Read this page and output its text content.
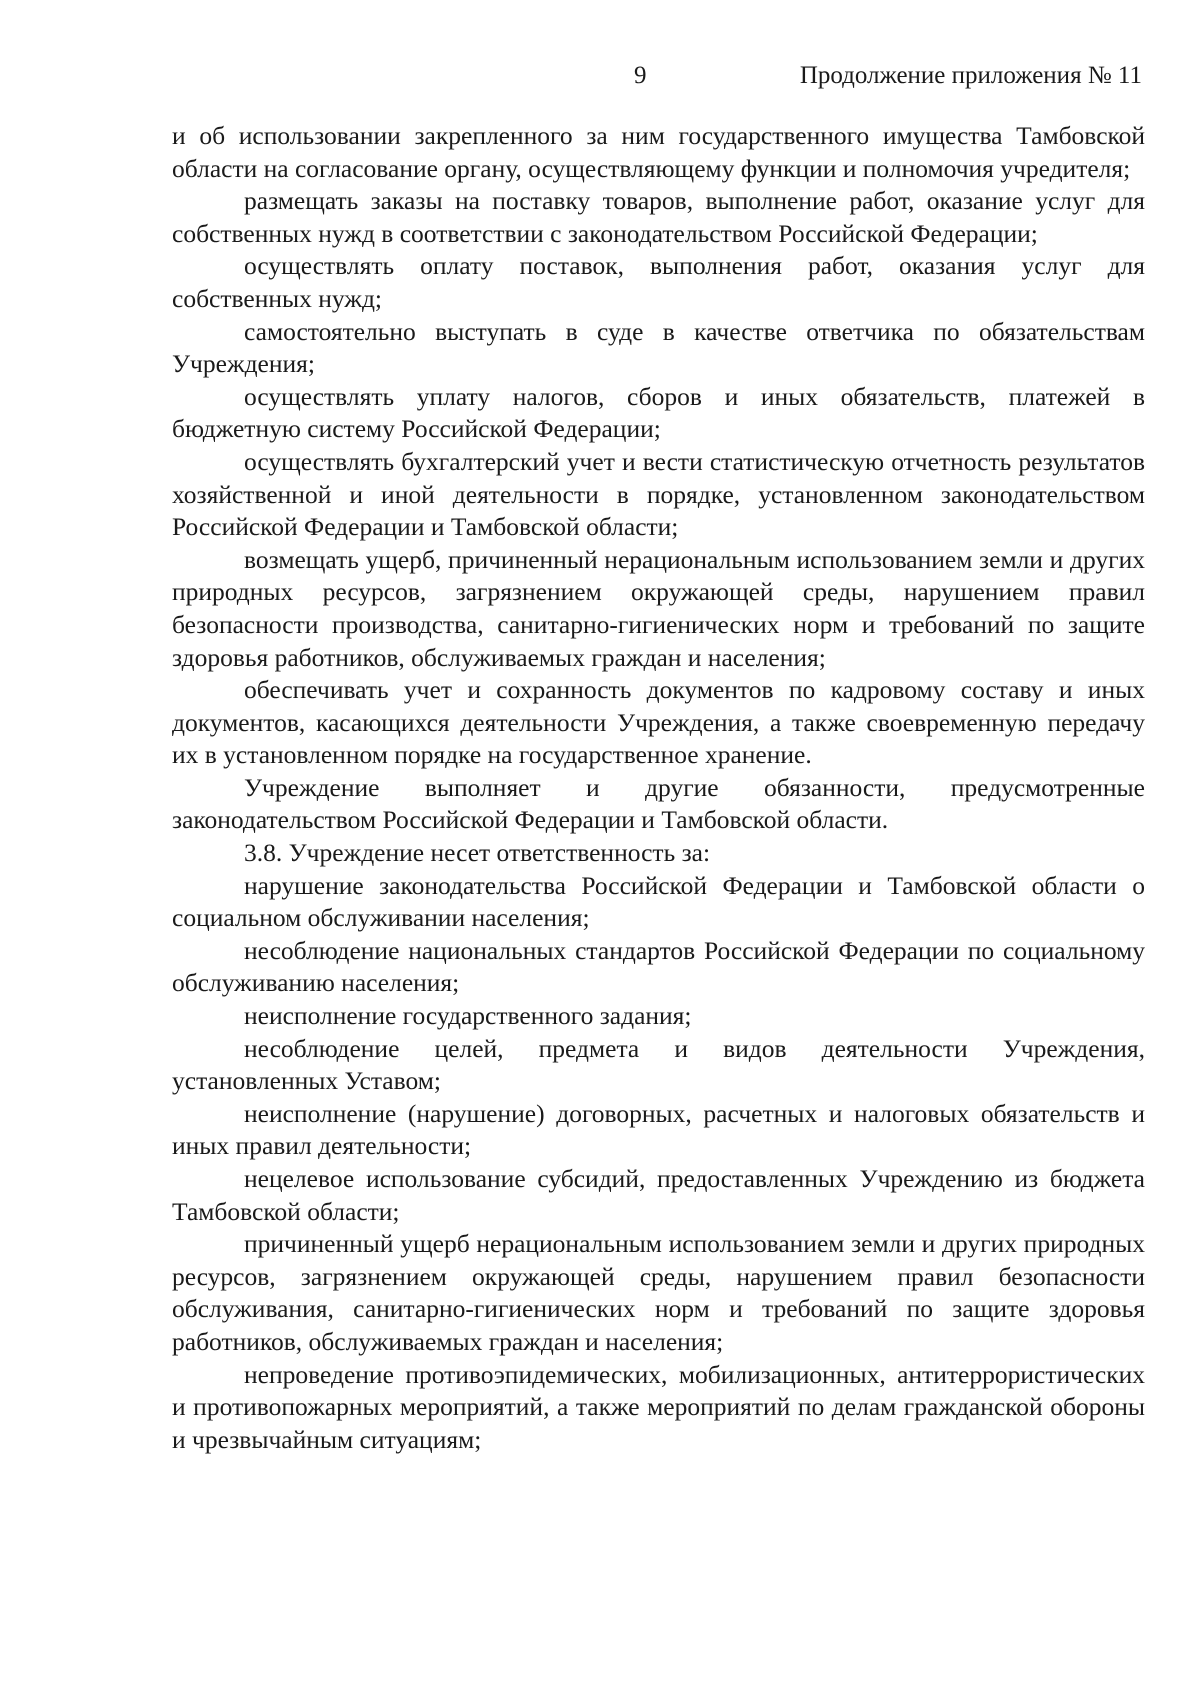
9	Продолжение приложения № 11

и об использовании закрепленного за ним государственного имущества Тамбовской области на согласование органу, осуществляющему функции и полномочия учредителя;

размещать заказы на поставку товаров, выполнение работ, оказание услуг для собственных нужд в соответствии с законодательством Российской Федерации;

осуществлять оплату поставок, выполнения работ, оказания услуг для собственных нужд;

самостоятельно выступать в суде в качестве ответчика по обязательствам Учреждения;

осуществлять уплату налогов, сборов и иных обязательств, платежей в бюджетную систему Российской Федерации;

осуществлять бухгалтерский учет и вести статистическую отчетность результатов хозяйственной и иной деятельности в порядке, установленном законодательством Российской Федерации и Тамбовской области;

возмещать ущерб, причиненный нерациональным использованием земли и других природных ресурсов, загрязнением окружающей среды, нарушением правил безопасности производства, санитарно-гигиенических норм и требований по защите здоровья работников, обслуживаемых граждан и населения;

обеспечивать учет и сохранность документов по кадровому составу и иных документов, касающихся деятельности Учреждения, а также своевременную передачу их в установленном порядке на государственное хранение.

Учреждение выполняет и другие обязанности, предусмотренные законодательством Российской Федерации и Тамбовской области.

3.8. Учреждение несет ответственность за:

нарушение законодательства Российской Федерации и Тамбовской области о социальном обслуживании населения;

несоблюдение национальных стандартов Российской Федерации по социальному обслуживанию населения;

неисполнение государственного задания;

несоблюдение целей, предмета и видов деятельности Учреждения, установленных Уставом;

неисполнение (нарушение) договорных, расчетных и налоговых обязательств и иных правил деятельности;

нецелевое использование субсидий, предоставленных Учреждению из бюджета Тамбовской области;

причиненный ущерб нерациональным использованием земли и других природных ресурсов, загрязнением окружающей среды, нарушением правил безопасности обслуживания, санитарно-гигиенических норм и требований по защите здоровья работников, обслуживаемых граждан и населения;

непроведение противоэпидемических, мобилизационных, антитеррористических и противопожарных мероприятий, а также мероприятий по делам гражданской обороны и чрезвычайным ситуациям;
